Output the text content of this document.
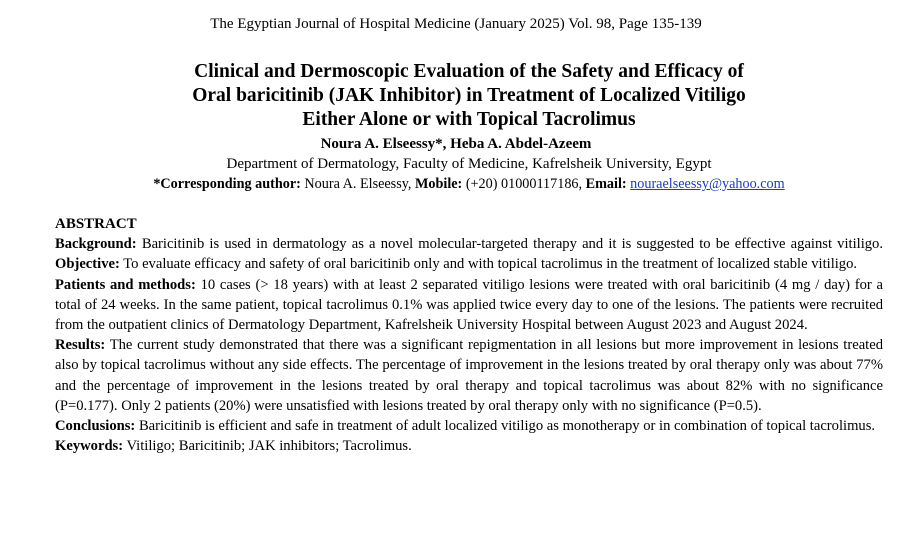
The Egyptian Journal of Hospital Medicine (January 2025) Vol. 98, Page 135-139
Clinical and Dermoscopic Evaluation of the Safety and Efficacy of
Oral baricitinib (JAK Inhibitor) in Treatment of Localized Vitiligo
Either Alone or with Topical Tacrolimus
Noura A. Elseessy*, Heba A. Abdel-Azeem
Department of Dermatology, Faculty of Medicine, Kafrelsheik University, Egypt
*Corresponding author: Noura A. Elseessy, Mobile: (+20) 01000117186, Email: nouraelseessy@yahoo.com

ABSTRACT

Background: Baricitinib is used in dermatology as a novel molecular-targeted therapy and it is suggested to be effective against vitiligo. Objective: To evaluate efficacy and safety of oral baricitinib only and with topical tacrolimus in the treatment of localized stable vitiligo.

Patients and methods: 10 cases (> 18 years) with at least 2 separated vitiligo lesions were treated with oral baricitinib (4 mg / day) for a total of 24 weeks. In the same patient, topical tacrolimus 0.1% was applied twice every day to one of the lesions. The patients were recruited from the outpatient clinics of Dermatology Department, Kafrelsheik University Hospital between August 2023 and August 2024.

Results: The current study demonstrated that there was a significant repigmentation in all lesions but more improvement in lesions treated also by topical tacrolimus without any side effects. The percentage of improvement in the lesions treated by oral therapy only was about 77% and the percentage of improvement in the lesions treated by oral therapy and topical tacrolimus was about 82% with no significance (P=0.177). Only 2 patients (20%) were unsatisfied with lesions treated by oral therapy only with no significance (P=0.5).

Conclusions: Baricitinib is efficient and safe in treatment of adult localized vitiligo as monotherapy or in combination of topical tacrolimus.

Keywords: Vitiligo; Baricitinib; JAK inhibitors; Tacrolimus.
